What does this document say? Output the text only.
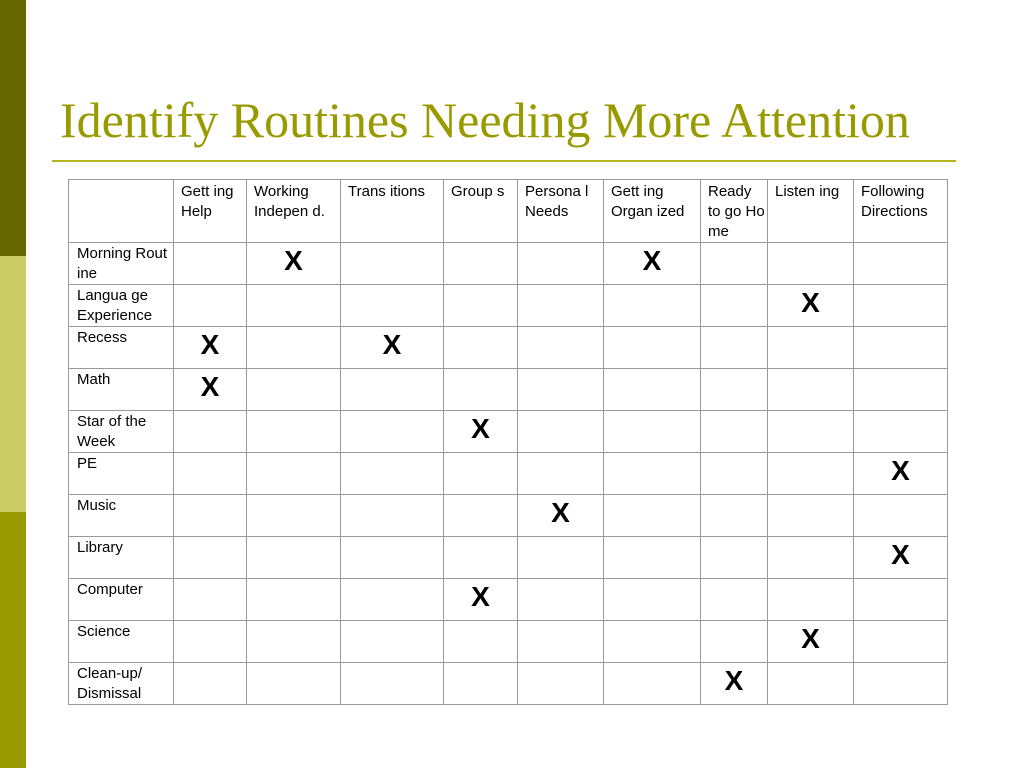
Identify Routines Needing More Attention

	Gett ing Help	Working Indepen d.	Trans itions	Group s	Persona l Needs	Gett ing Organ ized	Ready to go Ho me	Listen ing	Following Directions

Morning Rout ine		X				X			

Langua ge Experience								X	

Recess	X		X						

Math	X								

Star of the Week				X					

PE									X

Music					X				

Library									X

Computer				X					

Science								X	

Clean-up/ Dismissal							X		
